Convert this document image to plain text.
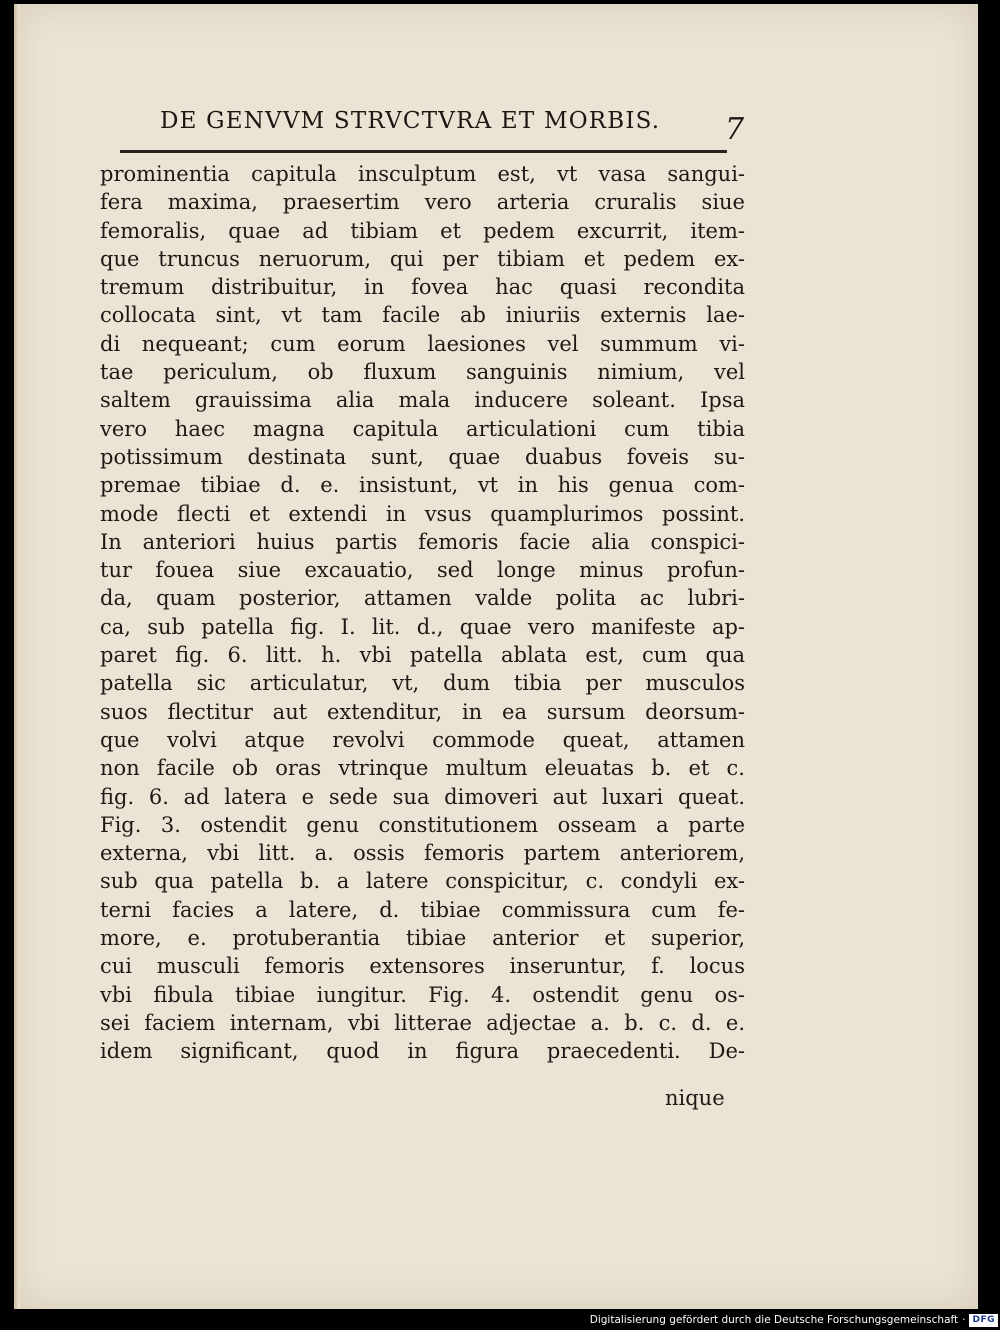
DE GENVVM STRVCTVRA ET MORBIS.	7
prominentia capitula insculptum est, vt vasa sangui-
fera maxima, praesertim vero arteria cruralis siue
femoralis, quae ad tibiam et pedem excurrit, item-
que truncus neruorum, qui per tibiam et pedem ex-
tremum distribuitur, in fovea hac quasi recondita
collocata sint, vt tam facile ab iniuriis externis lae-
di nequeant; cum eorum laesiones vel summum vi-
tae periculum, ob fluxum sanguinis nimium, vel
saltem grauissima alia mala inducere soleant. Ipsa
vero haec magna capitula articulationi cum tibia
potissimum destinata sunt, quae duabus foveis su-
premae tibiae d. e. insistunt, vt in his genua com-
mode flecti et extendi in vsus quamplurimos possint.
In anteriori huius partis femoris facie alia conspici-
tur fouea siue excauatio, sed longe minus profun-
da, quam posterior, attamen valde polita ac lubri-
ca, sub patella fig. I. lit. d., quae vero manifeste ap-
paret fig. 6. litt. h. vbi patella ablata est, cum qua
patella sic articulatur, vt, dum tibia per musculos
suos flectitur aut extenditur, in ea sursum deorsum-
que volvi atque revolvi commode queat, attamen
non facile ob oras vtrinque multum eleuatas b. et c.
fig. 6. ad latera e sede sua dimoveri aut luxari queat.
Fig. 3. ostendit genu constitutionem osseam a parte
externa, vbi litt. a. ossis femoris partem anteriorem,
sub qua patella b. a latere conspicitur, c. condyli ex-
terni facies a latere, d. tibiae commissura cum fe-
more, e. protuberantia tibiae anterior et superior,
cui musculi femoris extensores inseruntur, f. locus
vbi fibula tibiae iungitur. Fig. 4. ostendit genu os-
sei faciem internam, vbi litterae adjectae a. b. c. d. e.
idem significant, quod in figura praecedenti. De-
nique
Digitalisierung gefördert durch die Deutsche Forschungsgemeinschaft · DFG
